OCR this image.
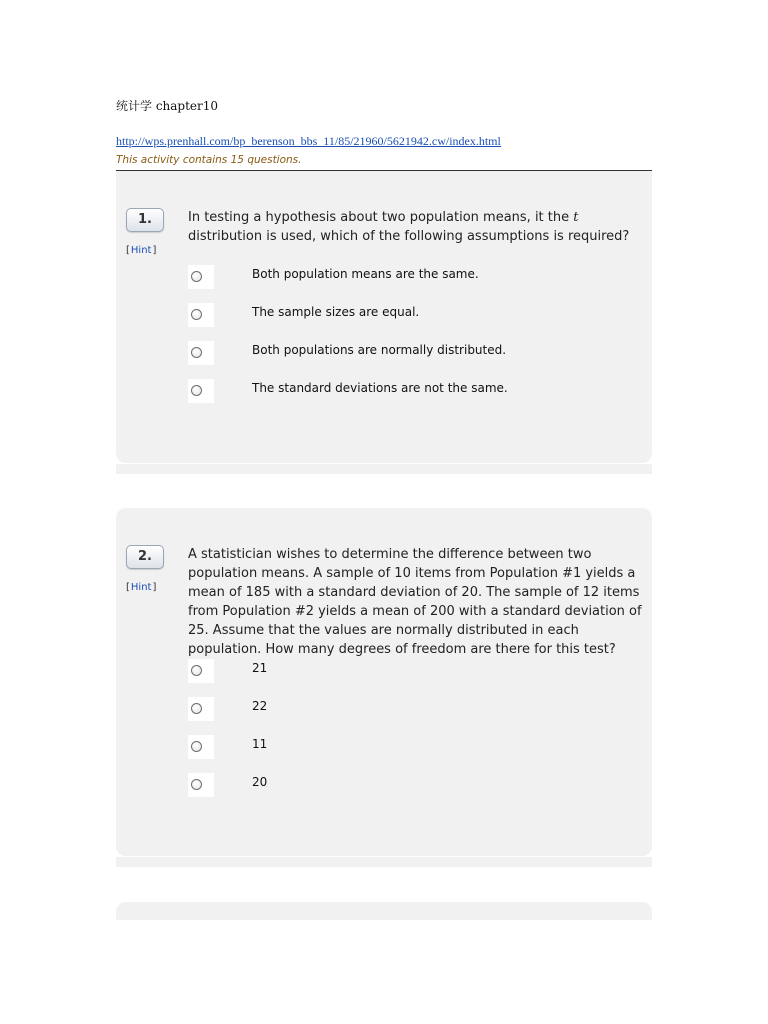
统计学 chapter10
http://wps.prenhall.com/bp_berenson_bbs_11/85/21960/5621942.cw/index.html
This activity contains 15 questions.
1.
[Hint]
In testing a hypothesis about two population means, it the t distribution is used, which of the following assumptions is required?
Both population means are the same.
The sample sizes are equal.
Both populations are normally distributed.
The standard deviations are not the same.
2.
[Hint]
A statistician wishes to determine the difference between two population means. A sample of 10 items from Population #1 yields a mean of 185 with a standard deviation of 20. The sample of 12 items from Population #2 yields a mean of 200 with a standard deviation of 25. Assume that the values are normally distributed in each population. How many degrees of freedom are there for this test?
21
22
11
20
